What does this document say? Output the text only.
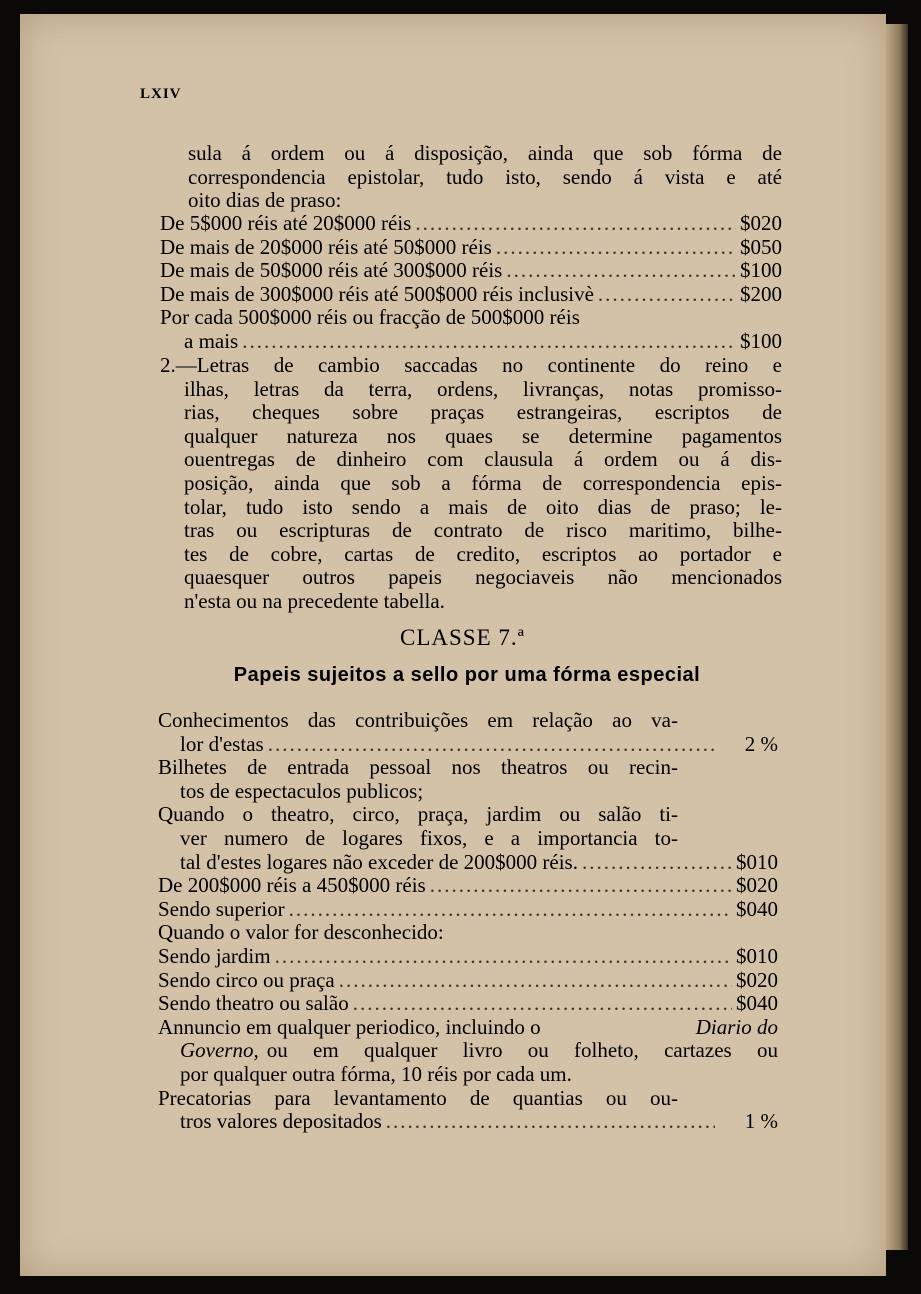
LXIV
sula á ordem ou á disposição, ainda que sob fórma de
correspondencia epistolar, tudo isto, sendo á vista e até
oito dias de praso:
De 5$000 réis até 20$000 réis .....	$020
De mais de 20$000 réis até 50$000 réis .....	$050
De mais de 50$000 réis até 300$000 réis .....	$100
De mais de 300$000 réis até 500$000 réis inclusivè .....	$200
Por cada 500$000 réis ou fracção de 500$000 réis
a mais .....	$100
2.—Letras de cambio saccadas no continente do reino e
ilhas, letras da terra, ordens, livranças, notas promisso-
rias, cheques sobre praças estrangeiras, escriptos de
qualquer natureza nos quaes se determine pagamentos
ouentregas de dinheiro com clausula á ordem ou á dis-
posição, ainda que sob a fórma de correspondencia epis-
tolar, tudo isto sendo a mais de oito dias de praso; le-
tras ou escripturas de contrato de risco maritimo, bilhe-
tes de cobre, cartas de credito, escriptos ao portador e
quaesquer outros papeis negociaveis não mencionados
n'esta ou na precedente tabella.
CLASSE 7.ª
Papeis sujeitos a sello por uma fórma especial
Conhecimentos das contribuições em relação ao va-
lor d'estas .....	2 %
Bilhetes de entrada pessoal nos theatros ou recin-
tos de espectaculos publicos;
Quando o theatro, circo, praça, jardim ou salão ti-
ver numero de logares fixos, e a importancia to-
tal d'estes logares não exceder de 200$000 réis. .....	$010
De 200$000 réis a 450$000 réis .....	$020
Sendo superior .....	$040
Quando o valor for desconhecido:
Sendo jardim .....	$010
Sendo circo ou praça .....	$020
Sendo theatro ou salão .....	$040
Annuncio em qualquer periodico, incluindo o	Diario do
Governo, ou em qualquer livro ou folheto, cartazes ou
por qualquer outra fórma, 10 réis por cada um.
Precatorias para levantamento de quantias ou ou-
tros valores depositados .....	1 %
